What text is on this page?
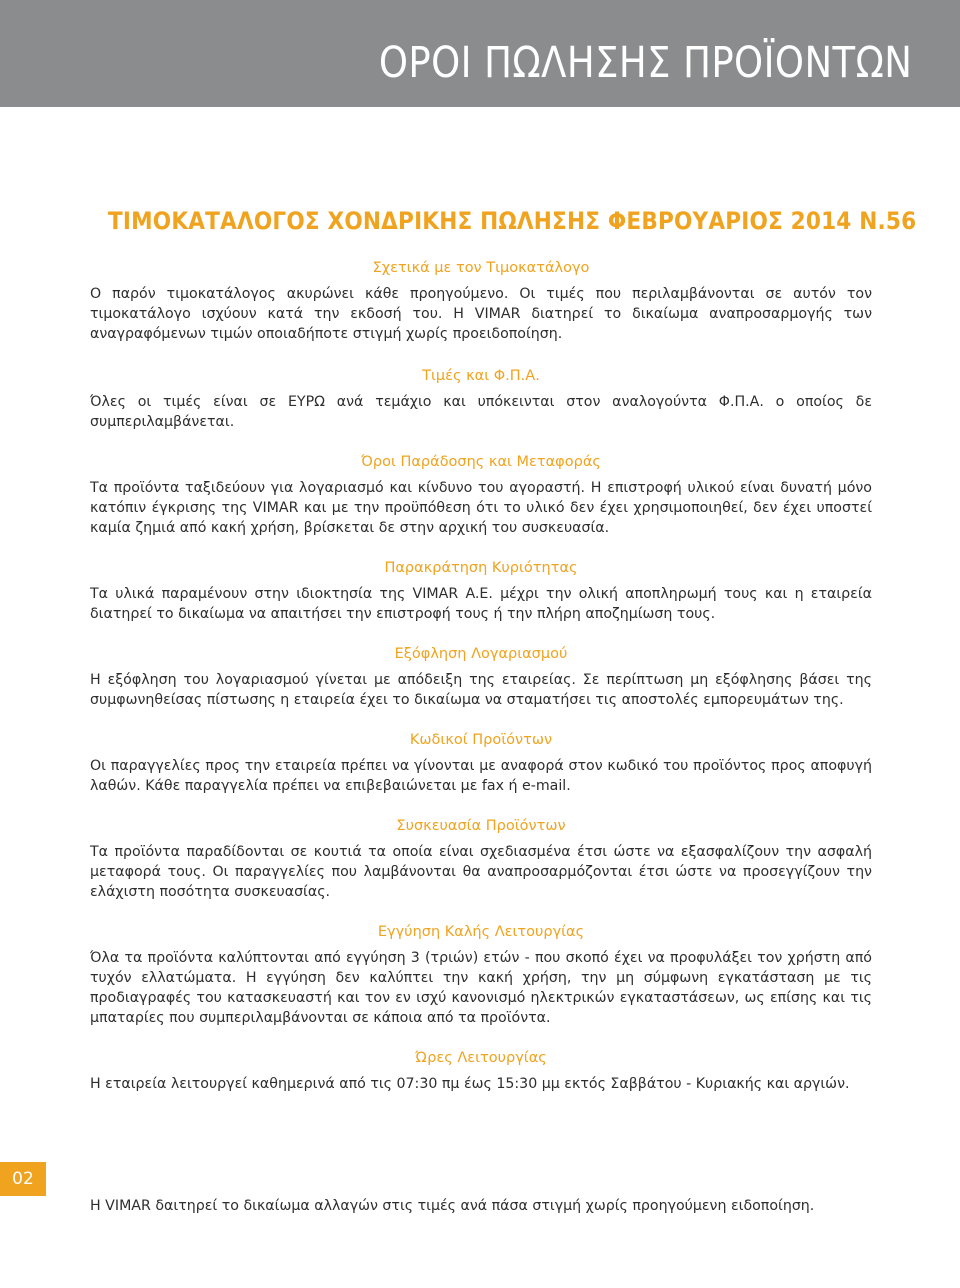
ΟΡΟΙ ΠΩΛΗΣΗΣ ΠΡΟΪΟΝΤΩΝ
ΤΙΜΟΚΑΤΑΛΟΓΟΣ ΧΟΝΔΡΙΚΗΣ ΠΩΛΗΣΗΣ ΦΕΒΡΟΥΑΡΙΟΣ 2014 Ν.56
Σχετικά με τον Τιμοκατάλογο

Ο παρόν τιμοκατάλογος ακυρώνει κάθε προηγούμενο. Οι τιμές που περιλαμβάνονται σε αυτόν τον τιμοκατάλογο ισχύουν κατά την εκδοσή του. Η VIMAR διατηρεί το δικαίωμα αναπροσαρμογής των αναγραφόμενων τιμών οποιαδήποτε στιγμή χωρίς προειδοποίηση.

Τιμές και Φ.Π.Α.

Όλες οι τιμές είναι σε ΕΥΡΩ ανά τεμάχιο και υπόκεινται στον αναλογούντα Φ.Π.Α. ο οποίος δε συμπεριλαμβάνεται.

Όροι Παράδοσης και Μεταφοράς

Τα προϊόντα ταξιδεύουν για λογαριασμό και κίνδυνο του αγοραστή. Η επιστροφή υλικού είναι δυνατή μόνο κατόπιν έγκρισης της VIMAR και με την προϋπόθεση ότι το υλικό δεν έχει χρησιμοποιηθεί, δεν έχει υποστεί καμία ζημιά από κακή χρήση, βρίσκεται δε στην αρχική του συσκευασία.

Παρακράτηση Κυριότητας

Τα υλικά παραμένουν στην ιδιοκτησία της VIMAR A.E. μέχρι την ολική αποπληρωμή τους και η εταιρεία διατηρεί το δικαίωμα να απαιτήσει την επιστροφή τους ή την πλήρη αποζημίωση τους.

Εξόφληση Λογαριασμού

Η εξόφληση του λογαριασμού γίνεται με απόδειξη της εταιρείας. Σε περίπτωση μη εξόφλησης βάσει της συμφωνηθείσας πίστωσης η εταιρεία έχει το δικαίωμα να σταματήσει τις αποστολές εμπορευμάτων της.

Κωδικοί Προϊόντων

Οι παραγγελίες προς την εταιρεία πρέπει να γίνονται με αναφορά στον κωδικό του προϊόντος προς αποφυγή λαθών. Κάθε παραγγελία πρέπει να επιβεβαιώνεται με fax ή e-mail.

Συσκευασία Προϊόντων

Τα προϊόντα παραδίδονται σε κουτιά τα οποία είναι σχεδιασμένα έτσι ώστε να εξασφαλίζουν την ασφαλή μεταφορά τους. Οι παραγγελίες που λαμβάνονται θα αναπροσαρμόζονται έτσι ώστε να προσεγγίζουν την ελάχιστη ποσότητα συσκευασίας.

Εγγύηση Καλής Λειτουργίας

Όλα τα προϊόντα καλύπτονται από εγγύηση 3 (τριών) ετών - που σκοπό έχει να προφυλάξει τον χρήστη από τυχόν ελλατώματα. Η εγγύηση δεν καλύπτει την κακή χρήση, την μη σύμφωνη εγκατάσταση με τις προδιαγραφές του κατασκευαστή και τον εν ισχύ κανονισμό ηλεκτρικών εγκαταστάσεων, ως επίσης και τις μπαταρίες που συμπεριλαμβάνονται σε κάποια από τα προϊόντα.

Ώρες Λειτουργίας

Η εταιρεία λειτουργεί καθημερινά από τις 07:30 πμ έως 15:30 μμ εκτός Σαββάτου - Κυριακής και αργιών.

02
Η VIMAR δαιτηρεί το δικαίωμα αλλαγών στις τιμές ανά πάσα στιγμή χωρίς προηγούμενη ειδοποίηση.
